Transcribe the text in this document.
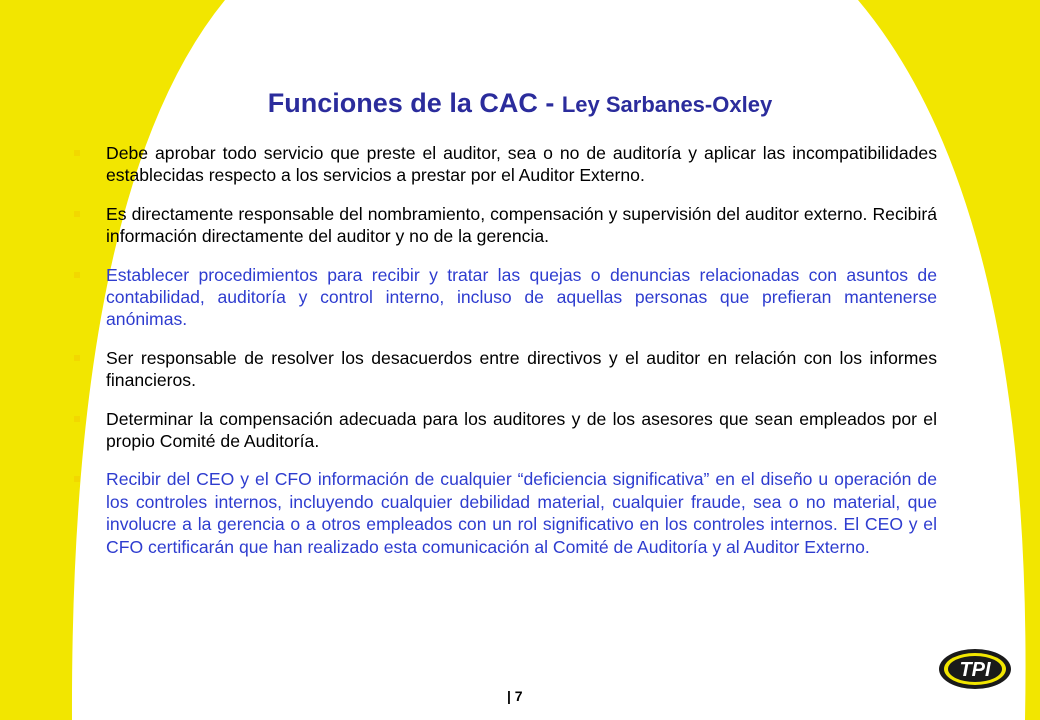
Funciones de la CAC - Ley Sarbanes-Oxley
Debe aprobar todo servicio que preste el auditor, sea o no de auditoría y aplicar las incompatibilidades establecidas respecto a los servicios a prestar por el Auditor Externo.
Es directamente responsable del nombramiento, compensación y supervisión del auditor externo. Recibirá información directamente del auditor y no de la gerencia.
Establecer procedimientos para recibir y tratar las quejas o denuncias relacionadas con asuntos de contabilidad, auditoría y control interno, incluso de aquellas personas que prefieran mantenerse anónimas.
Ser responsable de resolver los desacuerdos entre directivos y el auditor en relación con los informes financieros.
Determinar la compensación adecuada para los auditores y de los asesores que sean empleados por el propio Comité de Auditoría.
Recibir del CEO y el CFO información de cualquier “deficiencia significativa” en el diseño u operación de los controles internos, incluyendo cualquier debilidad material, cualquier fraude, sea o no material, que involucre a la gerencia o a otros empleados con un rol significativo en los controles internos. El CEO y el CFO certificarán que han realizado esta comunicación al Comité de Auditoría y al Auditor Externo.
| 7
TPI
